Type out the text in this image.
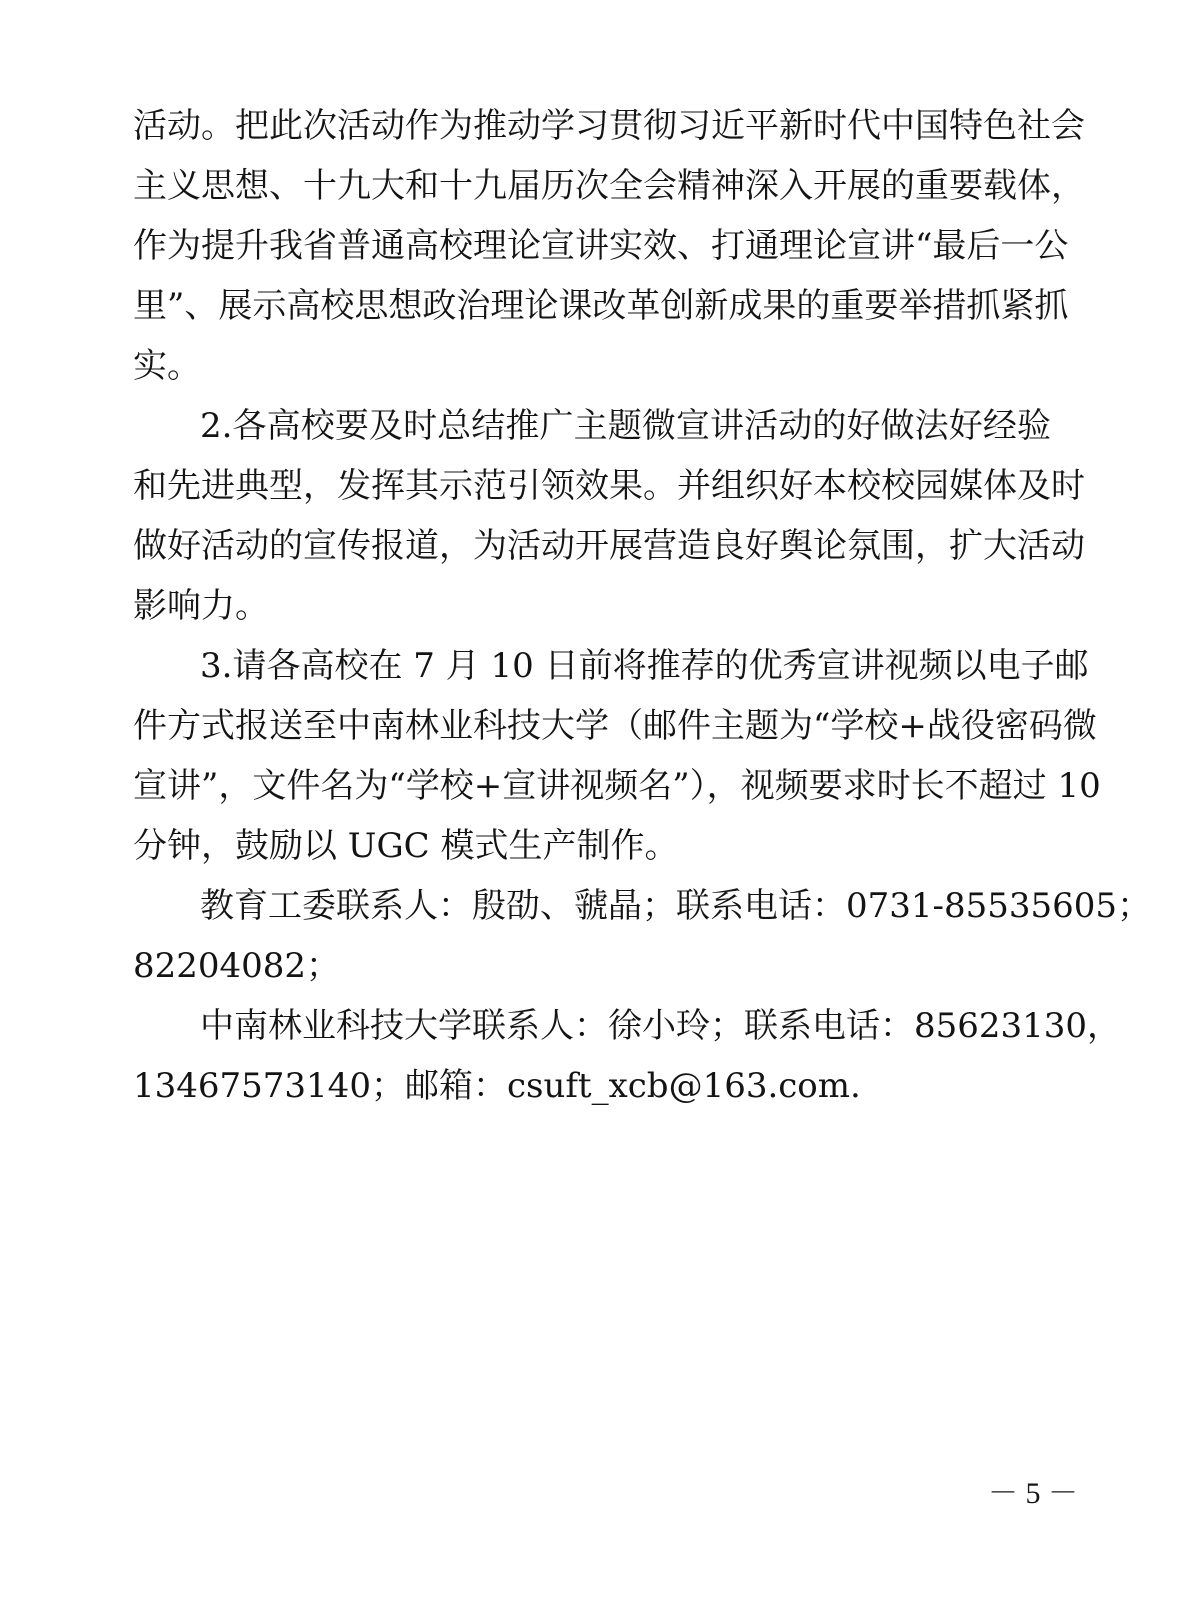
活动。把此次活动作为推动学习贯彻习近平新时代中国特色社会
主义思想、十九大和十九届历次全会精神深入开展的重要载体，
作为提升我省普通高校理论宣讲实效、打通理论宣讲“最后一公
里”、展示高校思想政治理论课改革创新成果的重要举措抓紧抓
实。
2.各高校要及时总结推广主题微宣讲活动的好做法好经验
和先进典型，发挥其示范引领效果。并组织好本校校园媒体及时
做好活动的宣传报道，为活动开展营造良好舆论氛围，扩大活动
影响力。
3.请各高校在 7 月 10 日前将推荐的优秀宣讲视频以电子邮
件方式报送至中南林业科技大学（邮件主题为“学校+战役密码微
宣讲”，文件名为“学校+宣讲视频名”），视频要求时长不超过 10
分钟，鼓励以 UGC 模式生产制作。
教育工委联系人：殷劭、虢晶；联系电话：0731-85535605；
82204082；
中南林业科技大学联系人：徐小玲；联系电话：85623130，
13467573140；邮箱：csuft_xcb@163.com.
－ 5 －
